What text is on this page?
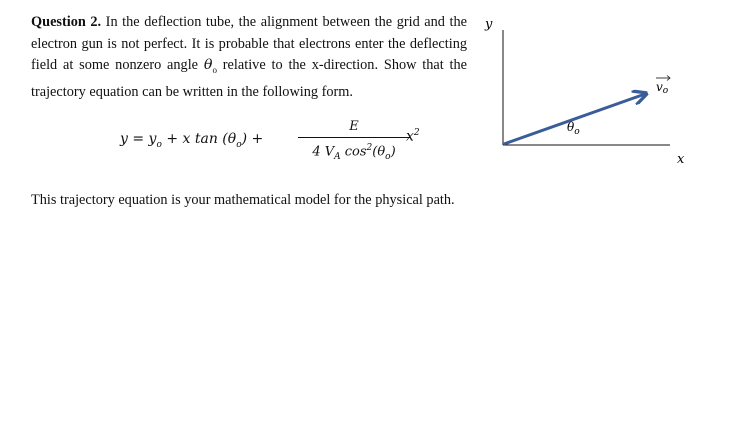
Question 2. In the deflection tube, the alignment between the grid and the electron gun is not perfect. It is probable that electrons enter the deflecting field at some nonzero angle $\theta_o$ relative to the x-direction. Show that the trajectory equation can be written in the following form.
$y = y_o + x$ $\tan (\theta_o)$ +
E
4 $V_A$ $\cos^2(\theta_o)$
$x^2$
This trajectory equation is your mathematical model for the physical path.
y
x
$\theta_o$
vo
